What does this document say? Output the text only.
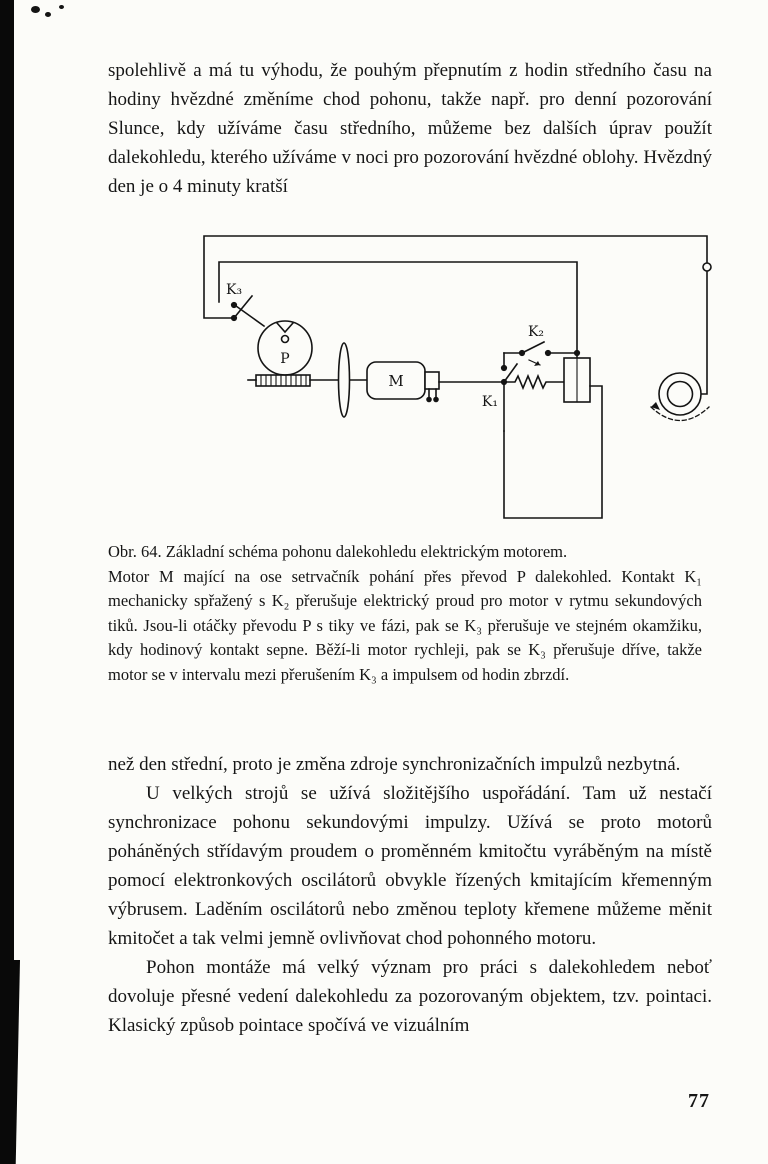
spolehlivě a má tu výhodu, že pouhým přepnutím z hodin středního času na hodiny hvězdné změníme chod pohonu, takže např. pro denní pozorování Slunce, kdy užíváme času středního, můžeme bez dalších úprav použít dalekohledu, kterého užíváme v noci pro pozorování hvězdné oblohy. Hvězdný den je o 4 minuty kratší

K₃
P
M
K₂
K₁

Obr. 64. Základní schéma pohonu dalekohledu elektrickým motorem.

Motor M mající na ose setrvačník pohání přes převod P dalekohled. Kontakt K₁ mechanicky spřažený s K₂ přerušuje elektrický proud pro motor v rytmu sekundových tiků. Jsou-li otáčky převodu P s tiky ve fázi, pak se K₃ přerušuje ve stejném okamžiku, kdy hodinový kontakt sepne. Běží-li motor rychleji, pak se K₃ přerušuje dříve, takže motor se v intervalu mezi přerušením K₃ a impulsem od hodin zbrzdí.

než den střední, proto je změna zdroje synchronizačních impulzů nezbytná.

U velkých strojů se užívá složitějšího uspořádání. Tam už nestačí synchronizace pohonu sekundovými impulzy. Užívá se proto motorů poháněných střídavým proudem o proměnném kmitočtu vyráběným na místě pomocí elektronkových oscilátorů obvykle řízených kmitajícím křemenným výbrusem. Laděním oscilátorů nebo změnou teploty křemene můžeme měnit kmitočet a tak velmi jemně ovlivňovat chod pohonného motoru.

Pohon montáže má velký význam pro práci s dalekohledem neboť dovoluje přesné vedení dalekohledu za pozorovaným objektem, tzv. pointaci. Klasický způsob pointace spočívá ve vizuálním

77
